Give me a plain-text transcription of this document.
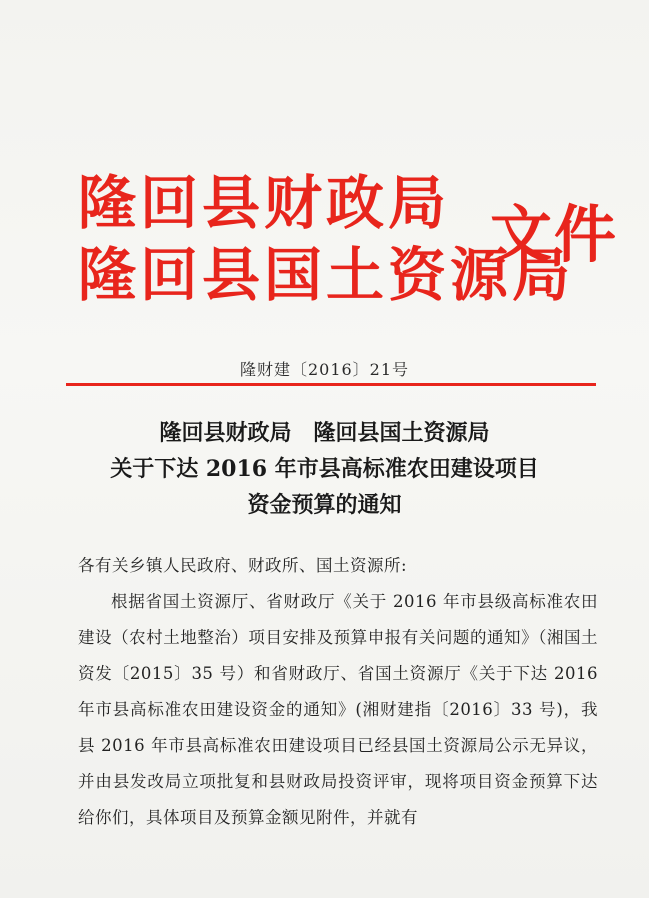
隆回县财政局
隆回县国土资源局
文件
隆财建〔2016〕21号
隆回县财政局　隆回县国土资源局
关于下达 2016 年市县高标准农田建设项目
资金预算的通知

各有关乡镇人民政府、财政所、国土资源所:

根据省国土资源厅、省财政厅《关于 2016 年市县级高标准农田建设（农村土地整治）项目安排及预算申报有关问题的通知》（湘国土资发〔2015〕35 号）和省财政厅、省国土资源厅《关于下达 2016 年市县高标准农田建设资金的通知》(湘财建指〔2016〕33 号)，我县 2016 年市县高标准农田建设项目已经县国土资源局公示无异议，并由县发改局立项批复和县财政局投资评审，现将项目资金预算下达给你们，具体项目及预算金额见附件，并就有
